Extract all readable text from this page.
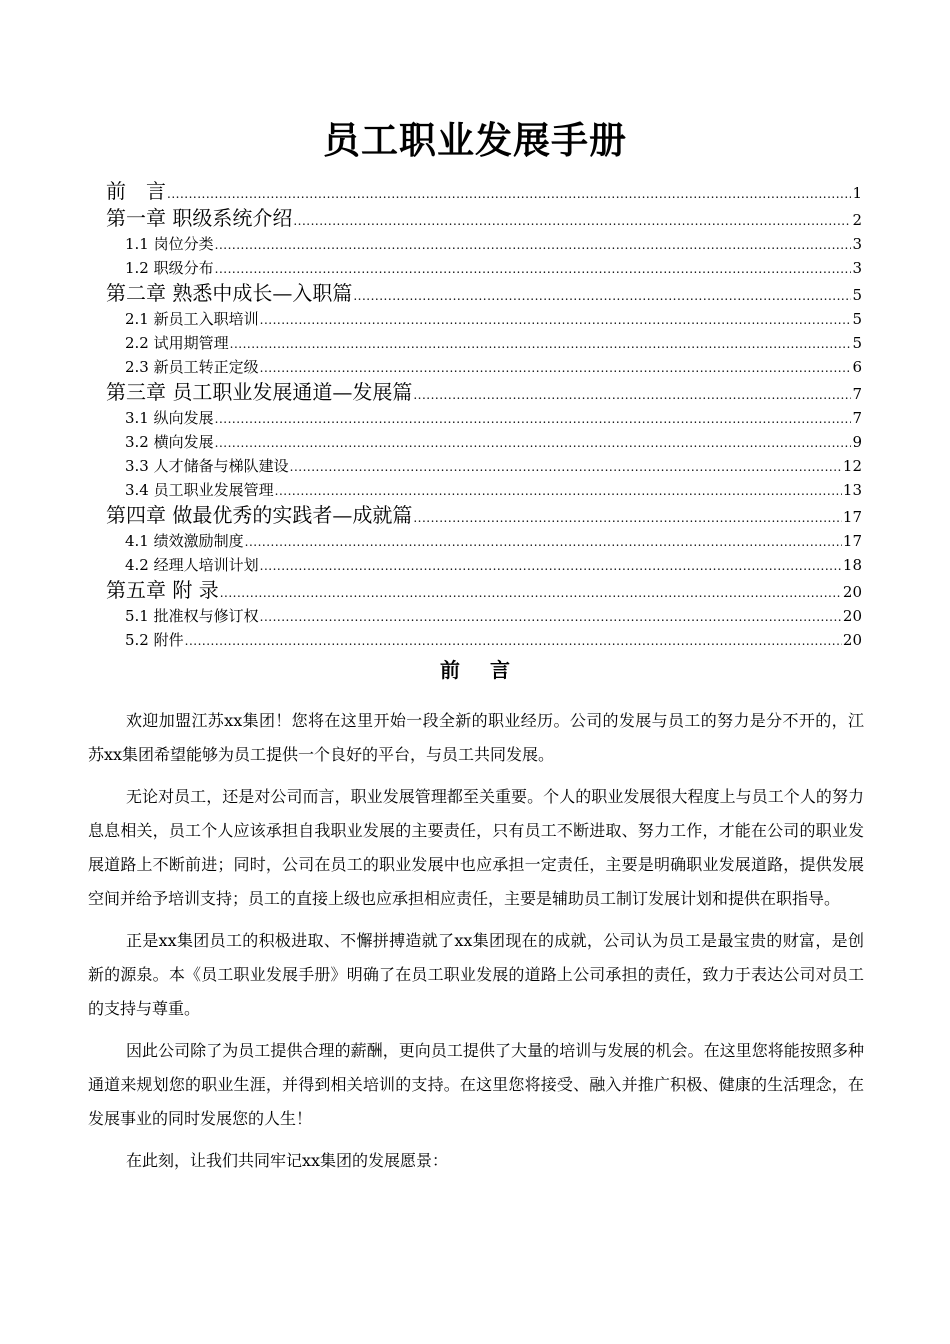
员工职业发展手册
前　言 .....	1
第一章 职级系统介绍 .....	2
1.1 岗位分类 .....	3
1.2 职级分布 .....	3
第二章 熟悉中成长—入职篇 .....	5
2.1 新员工入职培训 .....	5
2.2 试用期管理 .....	5
2.3 新员工转正定级 .....	6
第三章 员工职业发展通道—发展篇 .....	7
3.1 纵向发展 .....	7
3.2 横向发展 .....	9
3.3 人才储备与梯队建设 .....	12
3.4 员工职业发展管理 .....	13
第四章 做最优秀的实践者—成就篇 .....	17
4.1 绩效激励制度 .....	17
4.2 经理人培训计划 .....	18
第五章 附 录 .....	20
5.1 批准权与修订权 .....	20
5.2 附件 .....	20
前言

欢迎加盟江苏xx集团！您将在这里开始一段全新的职业经历。公司的发展与员工的努力是分不开的，江苏xx集团希望能够为员工提供一个良好的平台，与员工共同发展。

无论对员工，还是对公司而言，职业发展管理都至关重要。个人的职业发展很大程度上与员工个人的努力息息相关，员工个人应该承担自我职业发展的主要责任，只有员工不断进取、努力工作，才能在公司的职业发展道路上不断前进；同时，公司在员工的职业发展中也应承担一定责任，主要是明确职业发展道路，提供发展空间并给予培训支持；员工的直接上级也应承担相应责任，主要是辅助员工制订发展计划和提供在职指导。

正是xx集团员工的积极进取、不懈拼搏造就了xx集团现在的成就，公司认为员工是最宝贵的财富，是创新的源泉。本《员工职业发展手册》明确了在员工职业发展的道路上公司承担的责任，致力于表达公司对员工的支持与尊重。

因此公司除了为员工提供合理的薪酬，更向员工提供了大量的培训与发展的机会。在这里您将能按照多种通道来规划您的职业生涯，并得到相关培训的支持。在这里您将接受、融入并推广积极、健康的生活理念，在发展事业的同时发展您的人生！

在此刻，让我们共同牢记xx集团的发展愿景：
